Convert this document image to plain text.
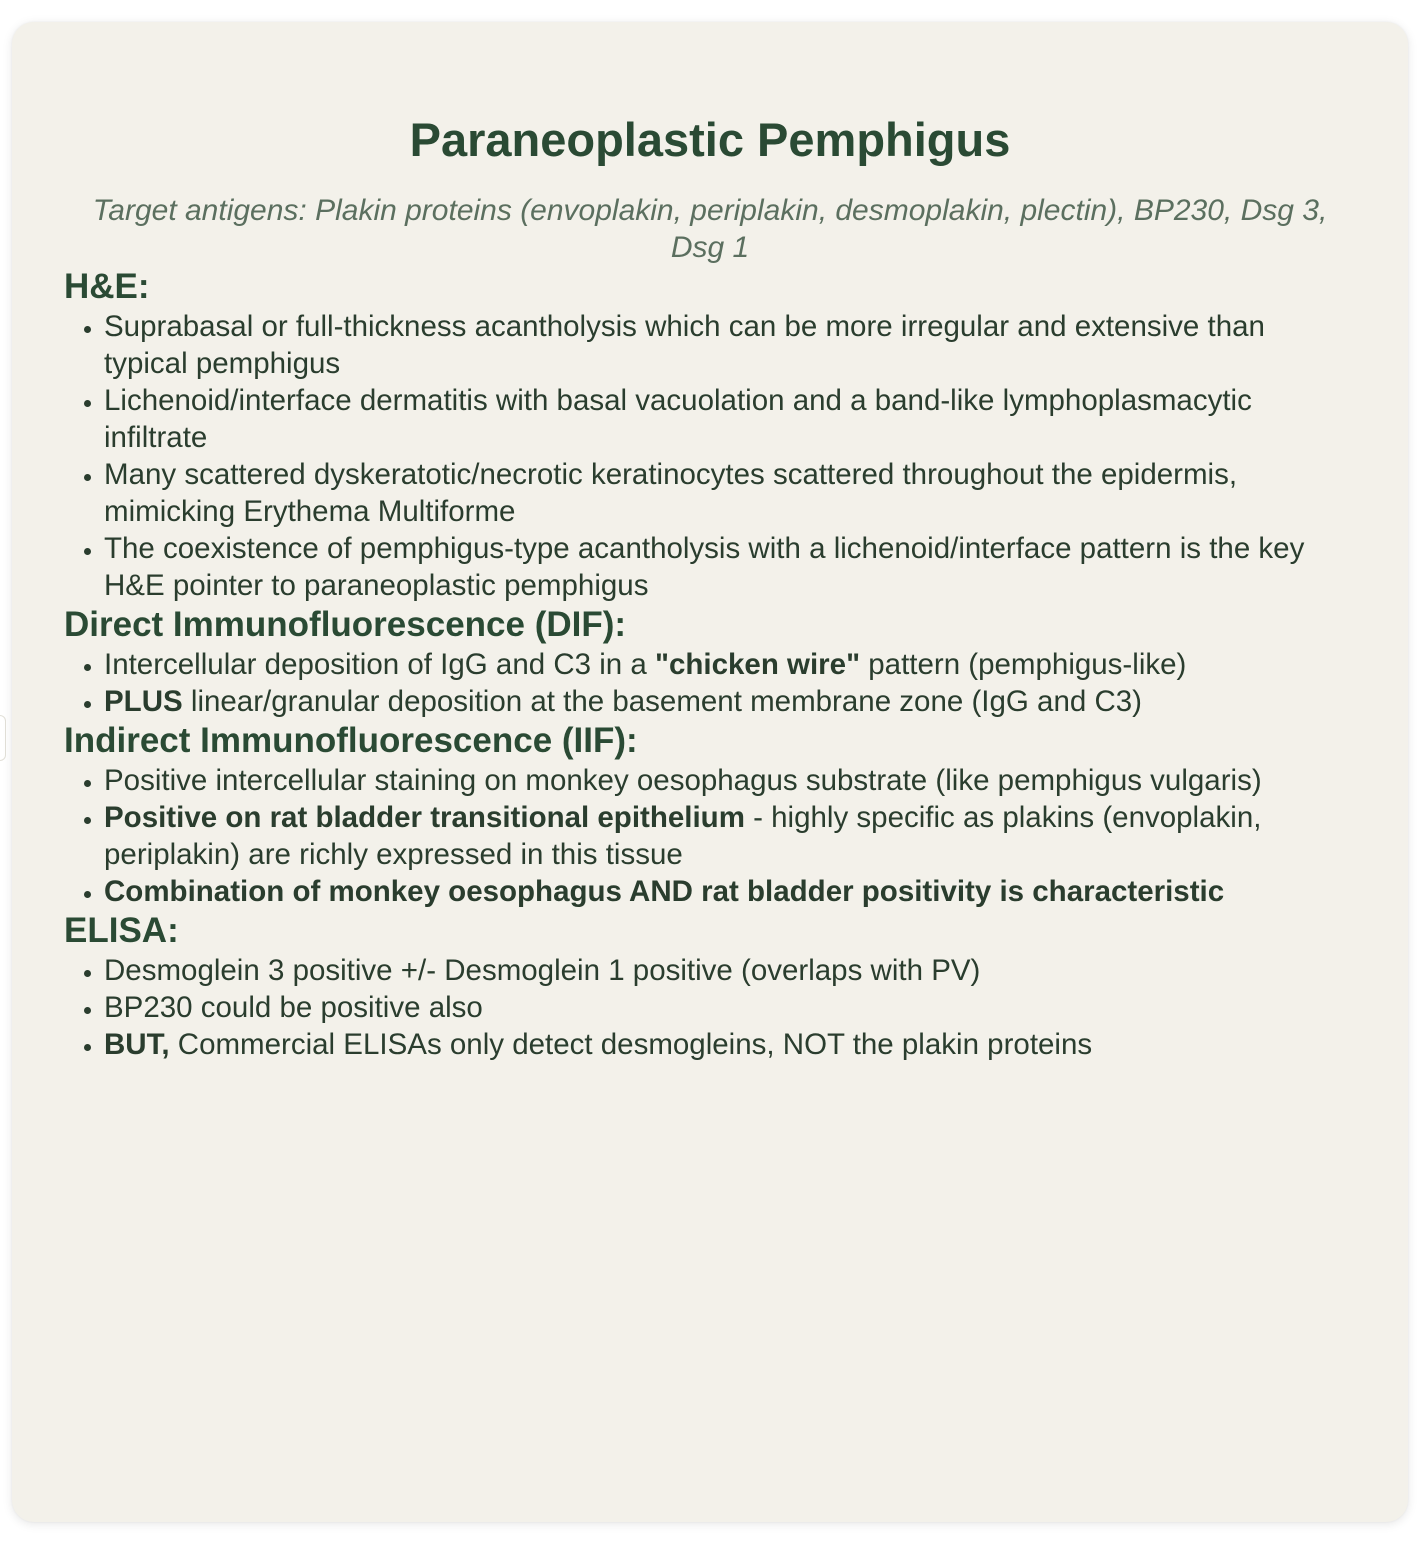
Paraneoplastic Pemphigus

Target antigens: Plakin proteins (envoplakin, periplakin, desmoplakin, plectin), BP230, Dsg 3, Dsg 1

H&E:
• Suprabasal or full-thickness acantholysis which can be more irregular and extensive than typical pemphigus
• Lichenoid/interface dermatitis with basal vacuolation and a band-like lymphoplasmacytic infiltrate
• Many scattered dyskeratotic/necrotic keratinocytes scattered throughout the epidermis, mimicking Erythema Multiforme
• The coexistence of pemphigus-type acantholysis with a lichenoid/interface pattern is the key H&E pointer to paraneoplastic pemphigus
Direct Immunofluorescence (DIF):
• Intercellular deposition of IgG and C3 in a "chicken wire" pattern (pemphigus-like)
• PLUS linear/granular deposition at the basement membrane zone (IgG and C3)
Indirect Immunofluorescence (IIF):
• Positive intercellular staining on monkey oesophagus substrate (like pemphigus vulgaris)
• Positive on rat bladder transitional epithelium - highly specific as plakins (envoplakin, periplakin) are richly expressed in this tissue
• Combination of monkey oesophagus AND rat bladder positivity is characteristic
ELISA:
• Desmoglein 3 positive +/- Desmoglein 1 positive (overlaps with PV)
• BP230 could be positive also
• BUT, Commercial ELISAs only detect desmogleins, NOT the plakin proteins
